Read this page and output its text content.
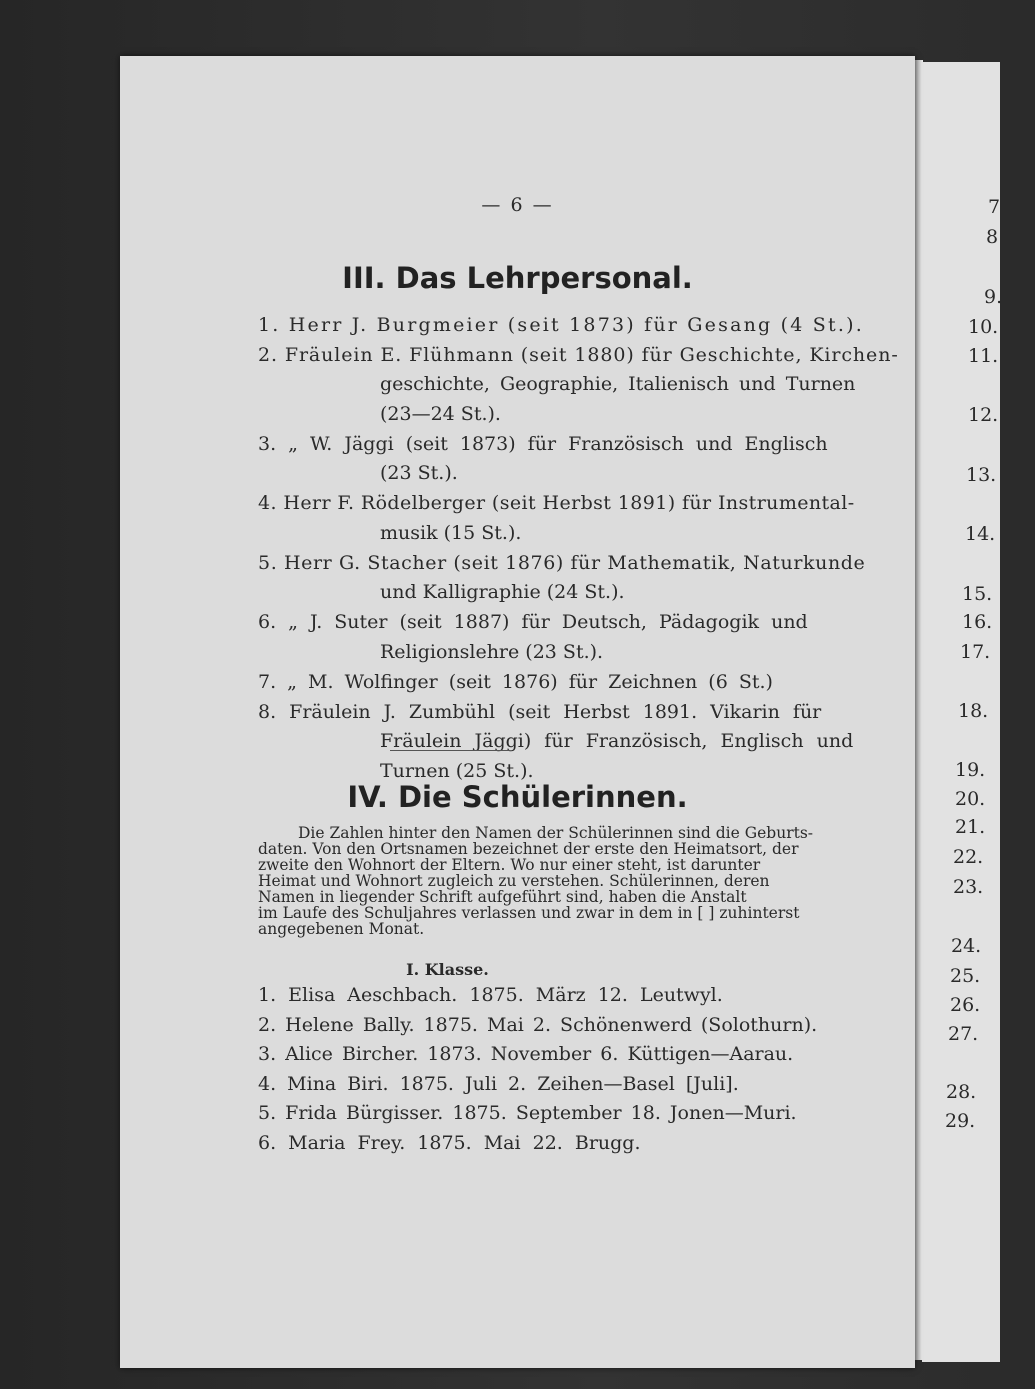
— 6 —
III. Das Lehrpersonal.
1. Herr J. Burgmeier (seit 1873) für Gesang (4 St.).
2. Fräulein E. Flühmann (seit 1880) für Geschichte, Kirchen-
geschichte, Geographie, Italienisch und Turnen
(23—24 St.).
3. „ W. Jäggi (seit 1873) für Französisch und Englisch
(23 St.).
4. Herr F. Rödelberger (seit Herbst 1891) für Instrumental-
musik (15 St.).
5. Herr G. Stacher (seit 1876) für Mathematik, Naturkunde
und Kalligraphie (24 St.).
6. „ J. Suter (seit 1887) für Deutsch, Pädagogik und
Religionslehre (23 St.).
7. „ M. Wolfinger (seit 1876) für Zeichnen (6 St.)
8. Fräulein J. Zumbühl (seit Herbst 1891. Vikarin für
Fräulein Jäggi) für Französisch, Englisch und
Turnen (25 St.).
IV. Die Schülerinnen.
Die Zahlen hinter den Namen der Schülerinnen sind die Geburts-
daten. Von den Ortsnamen bezeichnet der erste den Heimatsort, der
zweite den Wohnort der Eltern. Wo nur einer steht, ist darunter
Heimat und Wohnort zugleich zu verstehen. Schülerinnen, deren
Namen in liegender Schrift aufgeführt sind, haben die Anstalt
im Laufe des Schuljahres verlassen und zwar in dem in [ ] zuhinterst
angegebenen Monat.
I. Klasse.
1. Elisa Aeschbach. 1875. März 12. Leutwyl.
2. Helene Bally. 1875. Mai 2. Schönenwerd (Solothurn).
3. Alice Bircher. 1873. November 6. Küttigen—Aarau.
4. Mina Biri. 1875. Juli 2. Zeihen—Basel [Juli].
5. Frida Bürgisser. 1875. September 18. Jonen—Muri.
6. Maria Frey. 1875. Mai 22. Brugg.
7
8
9.
10.
11.
12.
13.
14.
15.
16.
17.
18.
19.
20.
21.
22.
23.
24.
25.
26.
27.
28.
29.
